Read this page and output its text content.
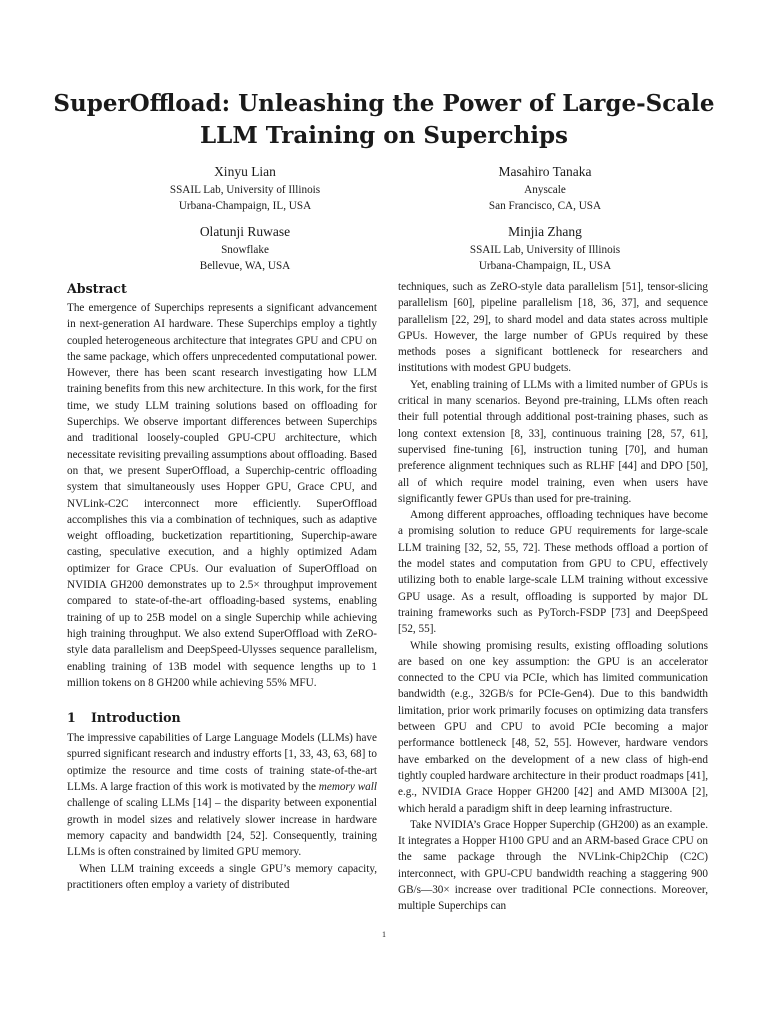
SuperOffload: Unleashing the Power of Large-Scale LLM Training on Superchips
Xinyu Lian
SSAIL Lab, University of Illinois
Urbana-Champaign, IL, USA
Masahiro Tanaka
Anyscale
San Francisco, CA, USA
Olatunji Ruwase
Snowflake
Bellevue, WA, USA
Minjia Zhang
SSAIL Lab, University of Illinois
Urbana-Champaign, IL, USA
Abstract

The emergence of Superchips represents a significant advancement in next-generation AI hardware. These Superchips employ a tightly coupled heterogeneous architecture that integrates GPU and CPU on the same package, which offers unprecedented computational power. However, there has been scant research investigating how LLM training benefits from this new architecture. In this work, for the first time, we study LLM training solutions based on offloading for Superchips. We observe important differences between Superchips and traditional loosely-coupled GPU-CPU architecture, which necessitate revisiting prevailing assumptions about offloading. Based on that, we present SuperOffload, a Superchip-centric offloading system that simultaneously uses Hopper GPU, Grace CPU, and NVLink-C2C interconnect more efficiently. SuperOffload accomplishes this via a combination of techniques, such as adaptive weight offloading, bucketization repartitioning, Superchip-aware casting, speculative execution, and a highly optimized Adam optimizer for Grace CPUs. Our evaluation of SuperOffload on NVIDIA GH200 demonstrates up to 2.5× throughput improvement compared to state-of-the-art offloading-based systems, enabling training of up to 25B model on a single Superchip while achieving high training throughput. We also extend SuperOffload with ZeRO-style data parallelism and DeepSpeed-Ulysses sequence parallelism, enabling training of 13B model with sequence lengths up to 1 million tokens on 8 GH200 while achieving 55% MFU.

1 Introduction

The impressive capabilities of Large Language Models (LLMs) have spurred significant research and industry efforts [1, 33, 43, 63, 68] to optimize the resource and time costs of training state-of-the-art LLMs. A large fraction of this work is motivated by the memory wall challenge of scaling LLMs [14] – the disparity between exponential growth in model sizes and relatively slower increase in hardware memory capacity and bandwidth [24, 52]. Consequently, training LLMs is often constrained by limited GPU memory.

When LLM training exceeds a single GPU’s memory capacity, practitioners often employ a variety of distributed

techniques, such as ZeRO-style data parallelism [51], tensor-slicing parallelism [60], pipeline parallelism [18, 36, 37], and sequence parallelism [22, 29], to shard model and data states across multiple GPUs. However, the large number of GPUs required by these methods poses a significant bottleneck for researchers and institutions with modest GPU budgets.

Yet, enabling training of LLMs with a limited number of GPUs is critical in many scenarios. Beyond pre-training, LLMs often reach their full potential through additional post-training phases, such as long context extension [8, 33], continuous training [28, 57, 61], supervised fine-tuning [6], instruction tuning [70], and human preference alignment techniques such as RLHF [44] and DPO [50], all of which require model training, even when users have significantly fewer GPUs than used for pre-training.

Among different approaches, offloading techniques have become a promising solution to reduce GPU requirements for large-scale LLM training [32, 52, 55, 72]. These methods offload a portion of the model states and computation from GPU to CPU, effectively utilizing both to enable large-scale LLM training without excessive GPU usage. As a result, offloading is supported by major DL training frameworks such as PyTorch-FSDP [73] and DeepSpeed [52, 55].

While showing promising results, existing offloading solutions are based on one key assumption: the GPU is an accelerator connected to the CPU via PCIe, which has limited communication bandwidth (e.g., 32GB/s for PCIe-Gen4). Due to this bandwidth limitation, prior work primarily focuses on optimizing data transfers between GPU and CPU to avoid PCIe becoming a major performance bottleneck [48, 52, 55]. However, hardware vendors have embarked on the development of a new class of high-end tightly coupled hardware architecture in their product roadmaps [41], e.g., NVIDIA Grace Hopper GH200 [42] and AMD MI300A [2], which herald a paradigm shift in deep learning infrastructure.

Take NVIDIA’s Grace Hopper Superchip (GH200) as an example. It integrates a Hopper H100 GPU and an ARM-based Grace CPU on the same package through the NVLink-Chip2Chip (C2C) interconnect, with GPU-CPU bandwidth reaching a staggering 900 GB/s—30× increase over traditional PCIe connections. Moreover, multiple Superchips can

1
